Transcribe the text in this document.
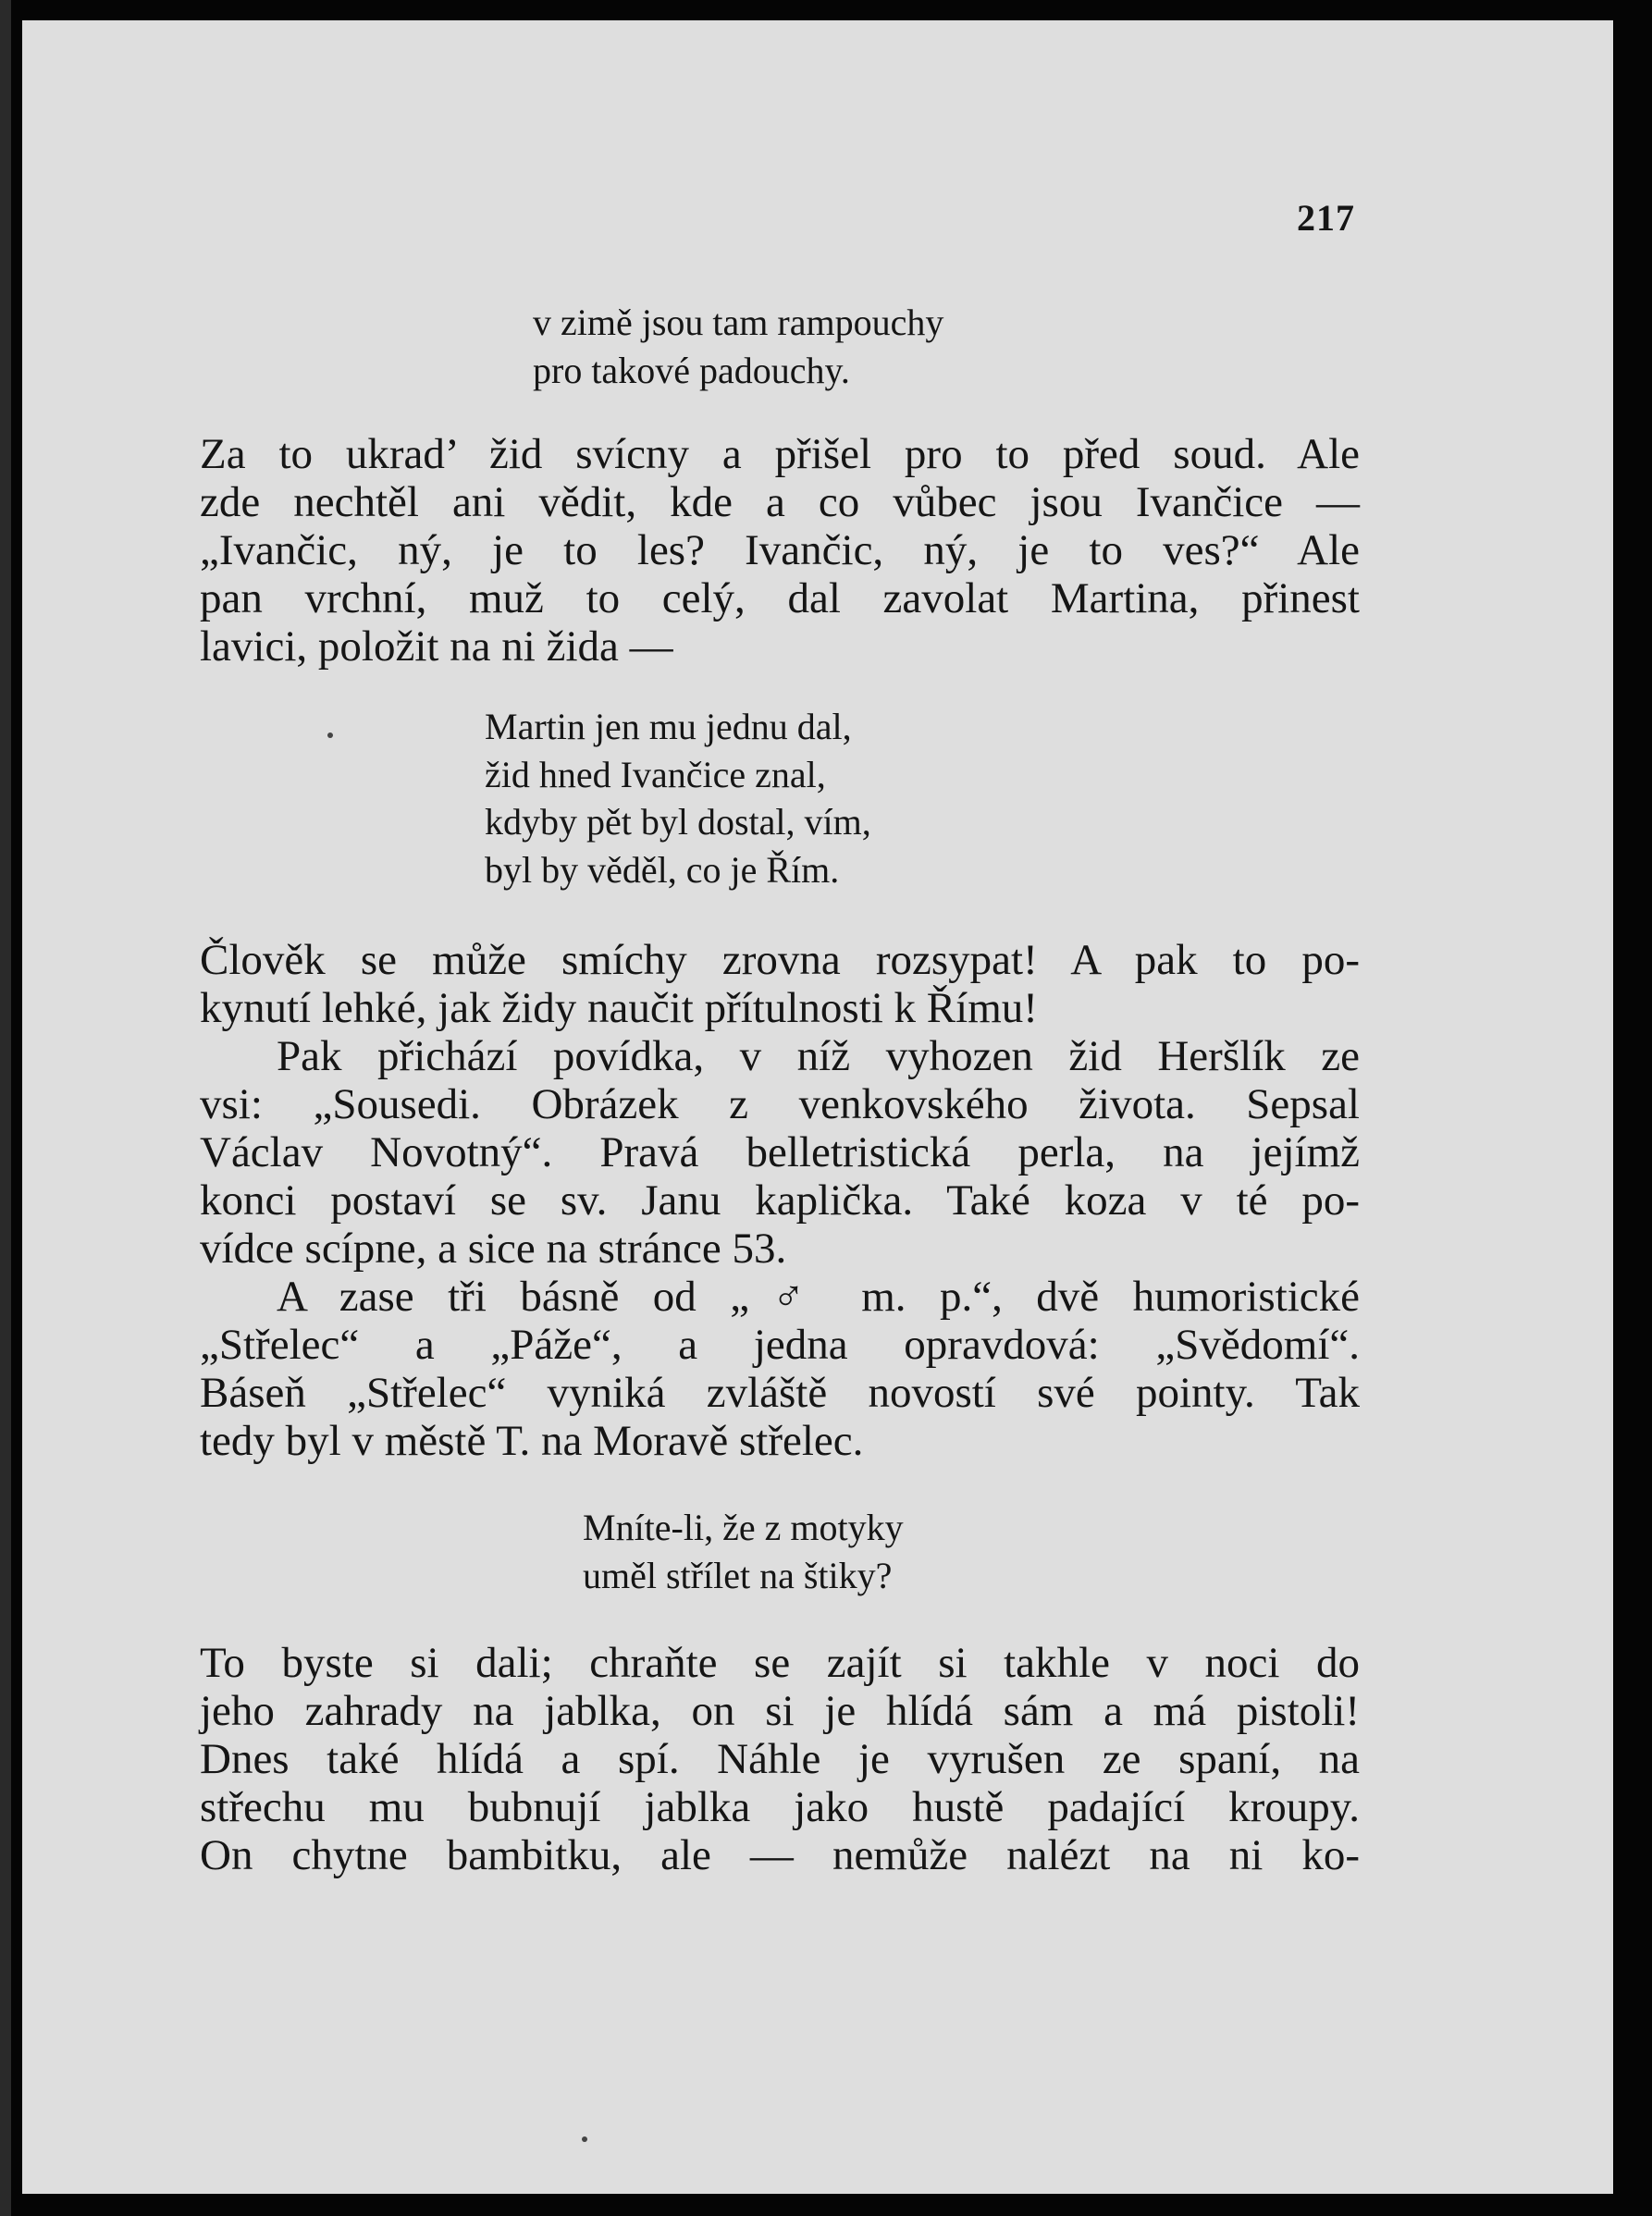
217
v zimě jsou tam rampouchy
pro takové padouchy.
Za to ukrad’ žid svícny a přišel pro to před soud. Ale
zde nechtěl ani vědit, kde a co vůbec jsou Ivančice —
„Ivančic, ný, je to les? Ivančic, ný, je to ves?“ Ale
pan vrchní, muž to celý, dal zavolat Martina, přinest
lavici, položit na ni žida —
Martin jen mu jednu dal,
žid hned Ivančice znal,
kdyby pět byl dostal, vím,
byl by věděl, co je Řím.
Člověk se může smíchy zrovna rozsypat! A pak to po-
kynutí lehké, jak židy naučit přítulnosti k Římu!
Pak přichází povídka, v níž vyhozen žid Heršlík ze
vsi: „Sousedi. Obrázek z venkovského života. Sepsal
Václav Novotný“. Pravá belletristická perla, na jejímž
konci postaví se sv. Janu kaplička. Také koza v té po-
vídce scípne, a sice na stránce 53.
A zase tři básně od „♂ m. p.“, dvě humoristické
„Střelec“ a „Páže“, a jedna opravdová: „Svědomí“.
Báseň „Střelec“ vyniká zvláště novostí své pointy. Tak
tedy byl v městě T. na Moravě střelec.
Mníte-li, že z motyky
uměl střílet na štiky?
To byste si dali; chraňte se zajít si takhle v noci do
jeho zahrady na jablka, on si je hlídá sám a má pistoli!
Dnes také hlídá a spí. Náhle je vyrušen ze spaní, na
střechu mu bubnují jablka jako hustě padající kroupy.
On chytne bambitku, ale — nemůže nalézt na ni ko-
